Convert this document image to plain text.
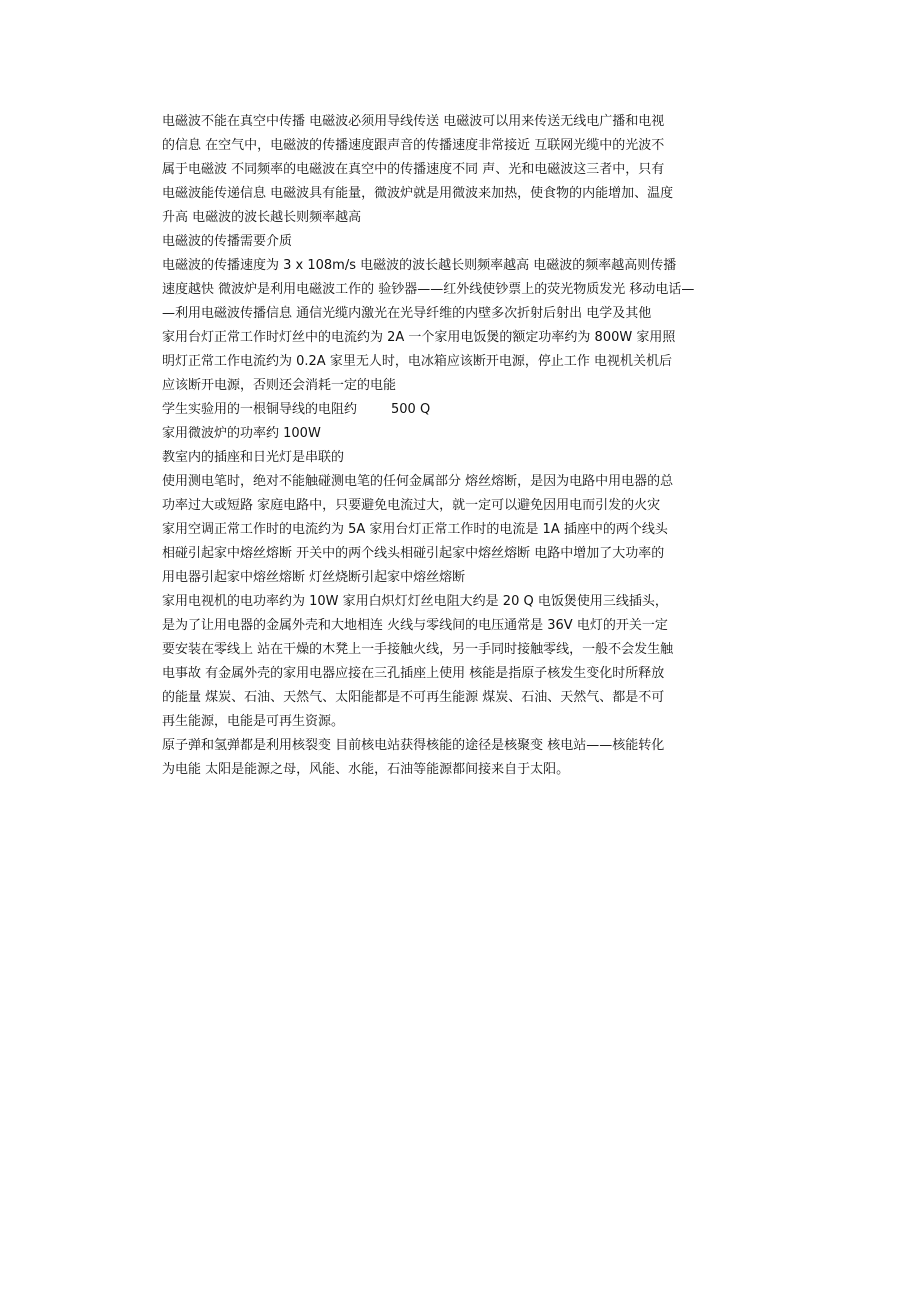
电磁波不能在真空中传播 电磁波必须用导线传送 电磁波可以用来传送无线电广播和电视
的信息 在空气中，电磁波的传播速度跟声音的传播速度非常接近 互联网光缆中的光波不
属于电磁波 不同频率的电磁波在真空中的传播速度不同 声、光和电磁波这三者中，只有
电磁波能传递信息 电磁波具有能量，微波炉就是用微波来加热，使食物的内能增加、温度
升高 电磁波的波长越长则频率越高

电磁波的传播需要介质

电磁波的传播速度为 3 x 108m/s 电磁波的波长越长则频率越高 电磁波的频率越高则传播
速度越快 微波炉是利用电磁波工作的 验钞器——红外线使钞票上的荧光物质发光 移动电话—
—利用电磁波传播信息 通信光缆内激光在光导纤维的内壁多次折射后射出 电学及其他

家用台灯正常工作时灯丝中的电流约为 2A 一个家用电饭煲的额定功率约为 800W 家用照
明灯正常工作电流约为 0.2A 家里无人时，电冰箱应该断开电源，停止工作 电视机关机后
应该断开电源，否则还会消耗一定的电能

学生实验用的一根铜导线的电阻约	500 Q

家用微波炉的功率约 100W

教室内的插座和日光灯是串联的

使用测电笔时，绝对不能触碰测电笔的任何金属部分 熔丝熔断，是因为电路中用电器的总
功率过大或短路 家庭电路中，只要避免电流过大，就一定可以避免因用电而引发的火灾
家用空调正常工作时的电流约为 5A 家用台灯正常工作时的电流是 1A 插座中的两个线头
相碰引起家中熔丝熔断 开关中的两个线头相碰引起家中熔丝熔断 电路中增加了大功率的
用电器引起家中熔丝熔断 灯丝烧断引起家中熔丝熔断

家用电视机的电功率约为 10W 家用白炽灯灯丝电阻大约是 20 Q 电饭煲使用三线插头，
是为了让用电器的金属外壳和大地相连 火线与零线间的电压通常是 36V 电灯的开关一定
要安装在零线上 站在干燥的木凳上一手接触火线，另一手同时接触零线，一般不会发生触
电事故 有金属外壳的家用电器应接在三孔插座上使用 核能是指原子核发生变化时所释放
的能量 煤炭、石油、天然气、太阳能都是不可再生能源 煤炭、石油、天然气、都是不可
再生能源，电能是可再生资源。

原子弹和氢弹都是利用核裂变 目前核电站获得核能的途径是核聚变 核电站——核能转化
为电能 太阳是能源之母，风能、水能，石油等能源都间接来自于太阳。
